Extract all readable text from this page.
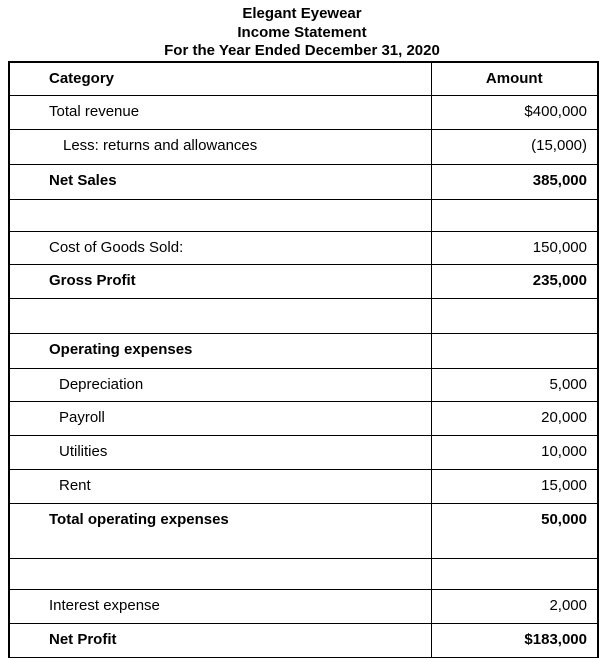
Elegant Eyewear
Income Statement
For the Year Ended December 31, 2020
Category	Amount
Total revenue	$400,000
Less: returns and allowances	(15,000)
Net Sales	385,000

Cost of Goods Sold:	150,000
Gross Profit	235,000

Operating expenses	
Depreciation	5,000
Payroll	20,000
Utilities	10,000
Rent	15,000
Total operating expenses	50,000

Interest expense	2,000
Net Profit	$183,000
